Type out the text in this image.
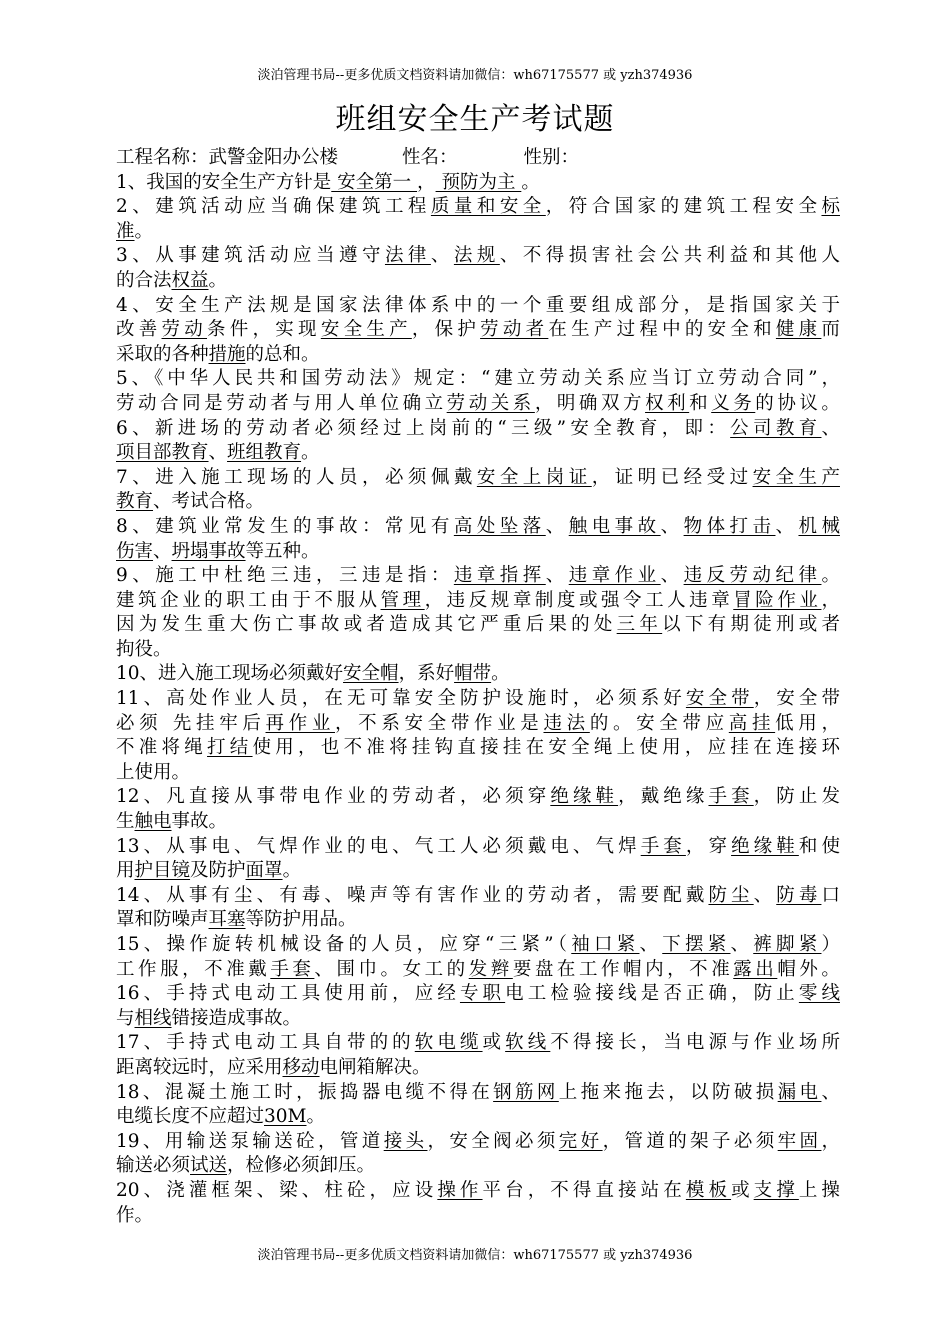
淡泊管理书局--更多优质文档资料请加微信：wh67175577 或 yzh374936
班组安全生产考试题
工程名称：武警金阳办公楼	性名：	性别：
1、我国的安全生产方针是 安全第一 ， 预防为主 。
2、建筑活动应当确保建筑工程质量和安全，符合国家的建筑工程安全标
准。
3、从事建筑活动应当遵守法律、法规、不得损害社会公共利益和其他人
的合法权益。
4、安全生产法规是国家法律体系中的一个重要组成部分，是指国家关于
改善劳动条件，实现安全生产，保护劳动者在生产过程中的安全和健康而
采取的各种措施的总和。
5、《中华人民共和国劳动法》规定：“建立劳动关系应当订立劳动合同”，
劳动合同是劳动者与用人单位确立劳动关系，明确双方权利和义务的协议。
6、新进场的劳动者必须经过上岗前的“三级”安全教育，即：公司教育、
项目部教育、班组教育。
7、进入施工现场的人员，必须佩戴安全上岗证，证明已经受过安全生产
教育、考试合格。
8、建筑业常发生的事故：常见有高处坠落、触电事故、物体打击、机械
伤害、坍塌事故等五种。
9、施工中杜绝三违，三违是指：违章指挥、违章作业、违反劳动纪律。
建筑企业的职工由于不服从管理，违反规章制度或强令工人违章冒险作业，
因为发生重大伤亡事故或者造成其它严重后果的处三年以下有期徒刑或者
拘役。
10、进入施工现场必须戴好安全帽，系好帽带。
11、高处作业人员，在无可靠安全防护设施时，必须系好安全带，安全带
必须 先挂牢后再作业，不系安全带作业是违法的。安全带应高挂低用，
不准将绳打结使用，也不准将挂钩直接挂在安全绳上使用，应挂在连接环
上使用。
12、凡直接从事带电作业的劳动者，必须穿绝缘鞋，戴绝缘手套，防止发
生触电事故。
13、从事电、气焊作业的电、气工人必须戴电、气焊手套，穿绝缘鞋和使
用护目镜及防护面罩。
14、从事有尘、有毒、噪声等有害作业的劳动者，需要配戴防尘、防毒口
罩和防噪声耳塞等防护用品。
15、操作旋转机械设备的人员，应穿“三紧”（袖口紧、下摆紧、裤脚紧）
工作服，不准戴手套、围巾。女工的发辫要盘在工作帽内，不准露出帽外。
16、手持式电动工具使用前，应经专职电工检验接线是否正确，防止零线
与相线错接造成事故。
17、手持式电动工具自带的的软电缆或软线不得接长，当电源与作业场所
距离较远时，应采用移动电闸箱解决。
18、混凝土施工时，振捣器电缆不得在钢筋网上拖来拖去，以防破损漏电、
电缆长度不应超过30M。
19、用输送泵输送砼，管道接头，安全阀必须完好，管道的架子必须牢固，
输送必须试送，检修必须卸压。
20、浇灌框架、梁、柱砼，应设操作平台，不得直接站在模板或支撑上操
作。
淡泊管理书局--更多优质文档资料请加微信：wh67175577 或 yzh374936
